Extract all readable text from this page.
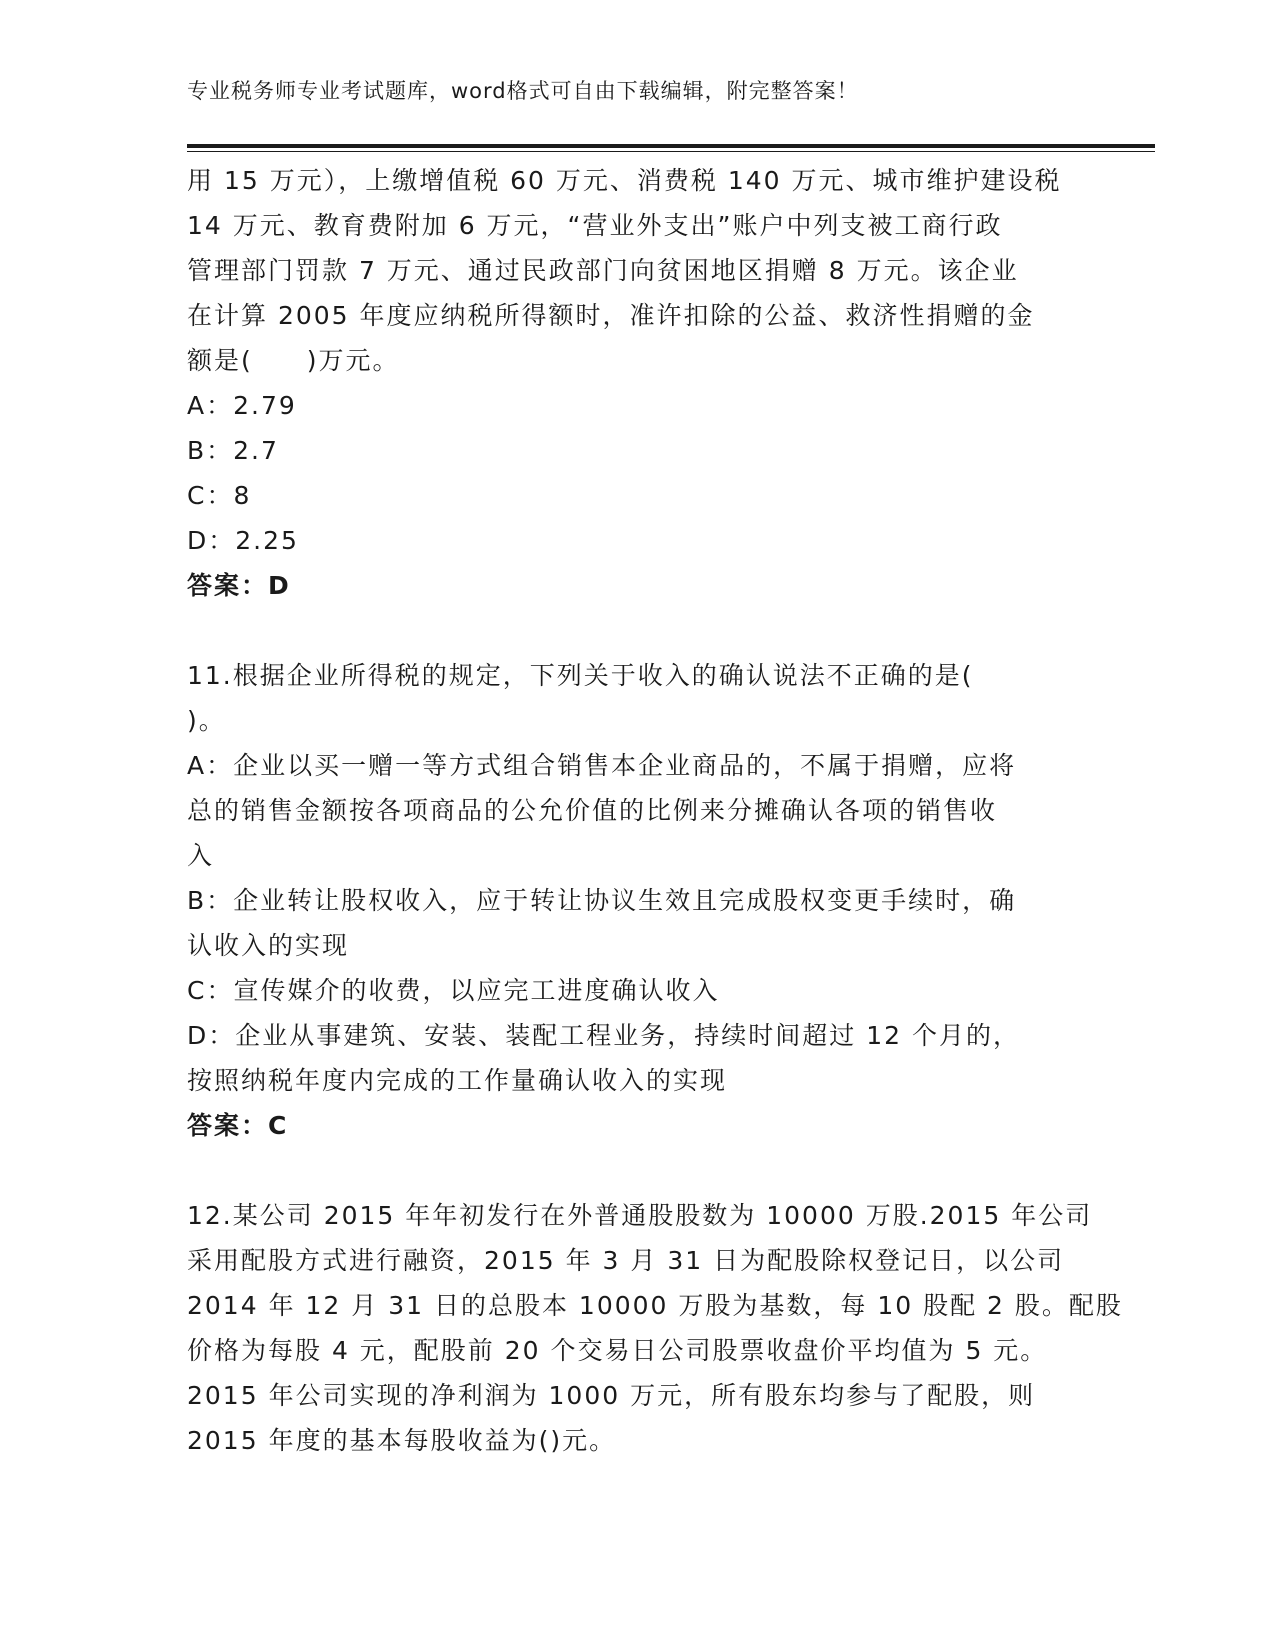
专业税务师专业考试题库，word格式可自由下载编辑，附完整答案！
用 15 万元），上缴增值税 60 万元、消费税 140 万元、城市维护建设税
14 万元、教育费附加 6 万元，“营业外支出”账户中列支被工商行政
管理部门罚款 7 万元、通过民政部门向贫困地区捐赠 8 万元。该企业
在计算 2005 年度应纳税所得额时，准许扣除的公益、救济性捐赠的金
额是(　　)万元。
A：2.79
B：2.7
C：8
D：2.25
答案：D
11.根据企业所得税的规定，下列关于收入的确认说法不正确的是(
)。
A：企业以买一赠一等方式组合销售本企业商品的，不属于捐赠，应将
总的销售金额按各项商品的公允价值的比例来分摊确认各项的销售收
入
B：企业转让股权收入，应于转让协议生效且完成股权变更手续时，确
认收入的实现
C：宣传媒介的收费，以应完工进度确认收入
D：企业从事建筑、安装、装配工程业务，持续时间超过 12 个月的，
按照纳税年度内完成的工作量确认收入的实现
答案：C
12.某公司 2015 年年初发行在外普通股股数为 10000 万股.2015 年公司
采用配股方式进行融资，2015 年 3 月 31 日为配股除权登记日，以公司
2014 年 12 月 31 日的总股本 10000 万股为基数，每 10 股配 2 股。配股
价格为每股 4 元，配股前 20 个交易日公司股票收盘价平均值为 5 元。
2015 年公司实现的净利润为 1000 万元，所有股东均参与了配股，则
2015 年度的基本每股收益为()元。
